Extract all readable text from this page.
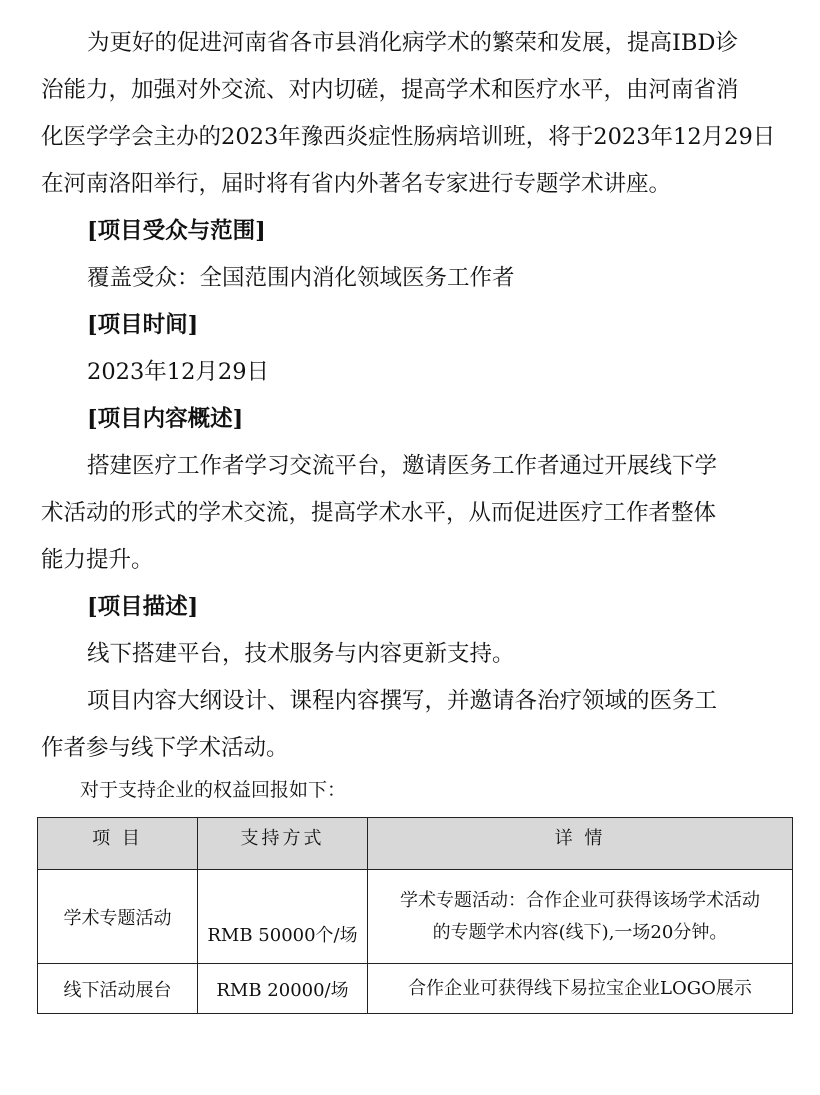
为更好的促进河南省各市县消化病学术的繁荣和发展，提高IBD诊
治能力，加强对外交流、对内切磋，提高学术和医疗水平，由河南省消
化医学学会主办的2023年豫西炎症性肠病培训班，将于2023年12月29日
在河南洛阳举行，届时将有省内外著名专家进行专题学术讲座。
[项目受众与范围]
覆盖受众：全国范围内消化领域医务工作者
[项目时间]
2023年12月29日
[项目内容概述]
搭建医疗工作者学习交流平台，邀请医务工作者通过开展线下学
术活动的形式的学术交流，提高学术水平，从而促进医疗工作者整体
能力提升。
[项目描述]
线下搭建平台，技术服务与内容更新支持。
项目内容大纲设计、课程内容撰写，并邀请各治疗领域的医务工
作者参与线下学术活动。
对于支持企业的权益回报如下：
项 目	支持方式	详 情
学术专题活动	RMB 50000个/场	学术专题活动：合作企业可获得该场学术活动
的专题学术内容(线下),一场20分钟。

线下活动展台	RMB 20000/场	合作企业可获得线下易拉宝企业LOGO展示
